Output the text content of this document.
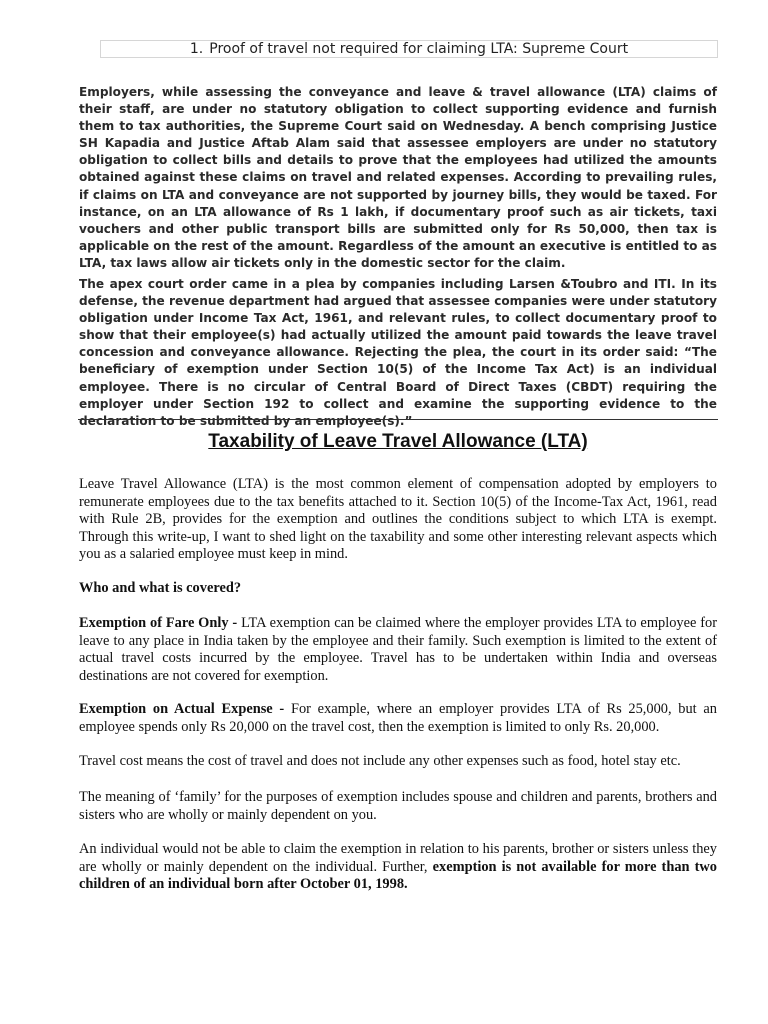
1. Proof of travel not required for claiming LTA: Supreme Court
Employers, while assessing the conveyance and leave & travel allowance (LTA) claims of their staff, are under no statutory obligation to collect supporting evidence and furnish them to tax authorities, the Supreme Court said on Wednesday. A bench comprising Justice SH Kapadia and Justice Aftab Alam said that assessee employers are under no statutory obligation to collect bills and details to prove that the employees had utilized the amounts obtained against these claims on travel and related expenses. According to prevailing rules, if claims on LTA and conveyance are not supported by journey bills, they would be taxed. For instance, on an LTA allowance of Rs 1 lakh, if documentary proof such as air tickets, taxi vouchers and other public transport bills are submitted only for Rs 50,000, then tax is applicable on the rest of the amount. Regardless of the amount an executive is entitled to as LTA, tax laws allow air tickets only in the domestic sector for the claim.
The apex court order came in a plea by companies including Larsen &Toubro and ITI. In its defense, the revenue department had argued that assessee companies were under statutory obligation under Income Tax Act, 1961, and relevant rules, to collect documentary proof to show that their employee(s) had actually utilized the amount paid towards the leave travel concession and conveyance allowance. Rejecting the plea, the court in its order said: “The beneficiary of exemption under Section 10(5) of the Income Tax Act) is an individual employee. There is no circular of Central Board of Direct Taxes (CBDT) requiring the employer under Section 192 to collect and examine the supporting evidence to the declaration to be submitted by an employee(s).”
Taxability of Leave Travel Allowance (LTA)
Leave Travel Allowance (LTA) is the most common element of compensation adopted by employers to remunerate employees due to the tax benefits attached to it. Section 10(5) of the Income-Tax Act, 1961, read with Rule 2B, provides for the exemption and outlines the conditions subject to which LTA is exempt. Through this write-up, I want to shed light on the taxability and some other interesting relevant aspects which you as a salaried employee must keep in mind.
Who and what is covered?
Exemption of Fare Only - LTA exemption can be claimed where the employer provides LTA to employee for leave to any place in India taken by the employee and their family. Such exemption is limited to the extent of actual travel costs incurred by the employee. Travel has to be undertaken within India and overseas destinations are not covered for exemption.
Exemption on Actual Expense - For example, where an employer provides LTA of Rs 25,000, but an employee spends only Rs 20,000 on the travel cost, then the exemption is limited to only Rs. 20,000.
Travel cost means the cost of travel and does not include any other expenses such as food, hotel stay etc.
The meaning of ‘family’ for the purposes of exemption includes spouse and children and parents, brothers and sisters who are wholly or mainly dependent on you.
An individual would not be able to claim the exemption in relation to his parents, brother or sisters unless they are wholly or mainly dependent on the individual. Further, exemption is not available for more than two children of an individual born after October 01, 1998.
